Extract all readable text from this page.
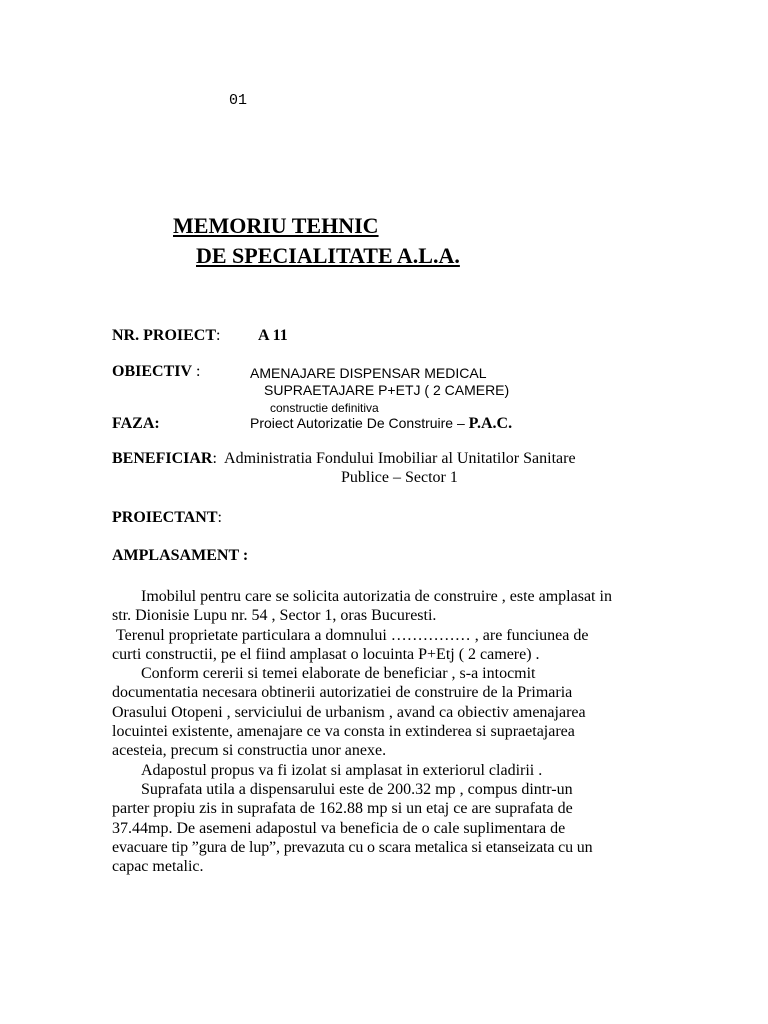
01
MEMORIU TEHNIC
DE SPECIALITATE A.L.A.
NR. PROIECT: A 11
OBIECTIV :	AMENAJARE DISPENSAR MEDICAL
SUPRAETAJARE P+ETJ ( 2 CAMERE)
constructie definitiva
FAZA:	Proiect Autorizatie De Construire – P.A.C.
BENEFICIAR: Administratia Fondului Imobiliar al Unitatilor Sanitare
Publice – Sector 1
PROIECTANT:
AMPLASAMENT :

Imobilul pentru care se solicita autorizatia de construire , este amplasat in

str. Dionisie Lupu nr. 54 , Sector 1, oras Bucuresti.

Terenul proprietate particulara a domnului …………… , are funciunea de

curti constructii, pe el fiind amplasat o locuinta P+Etj ( 2 camere) .

Conform cererii si temei elaborate de beneficiar , s-a intocmit

documentatia necesara obtinerii autorizatiei de construire de la Primaria

Orasului Otopeni , serviciului de urbanism , avand ca obiectiv amenajarea

locuintei existente, amenajare ce va consta in extinderea si supraetajarea

acesteia, precum si constructia unor anexe.

Adapostul propus va fi izolat si amplasat in exteriorul cladirii .

Suprafata utila a dispensarului este de 200.32 mp , compus dintr-un

parter propiu zis in suprafata de 162.88 mp si un etaj ce are suprafata de

37.44mp. De asemeni adapostul va beneficia de o cale suplimentara de

evacuare tip ”gura de lup”, prevazuta cu o scara metalica si etanseizata cu un

capac metalic.
